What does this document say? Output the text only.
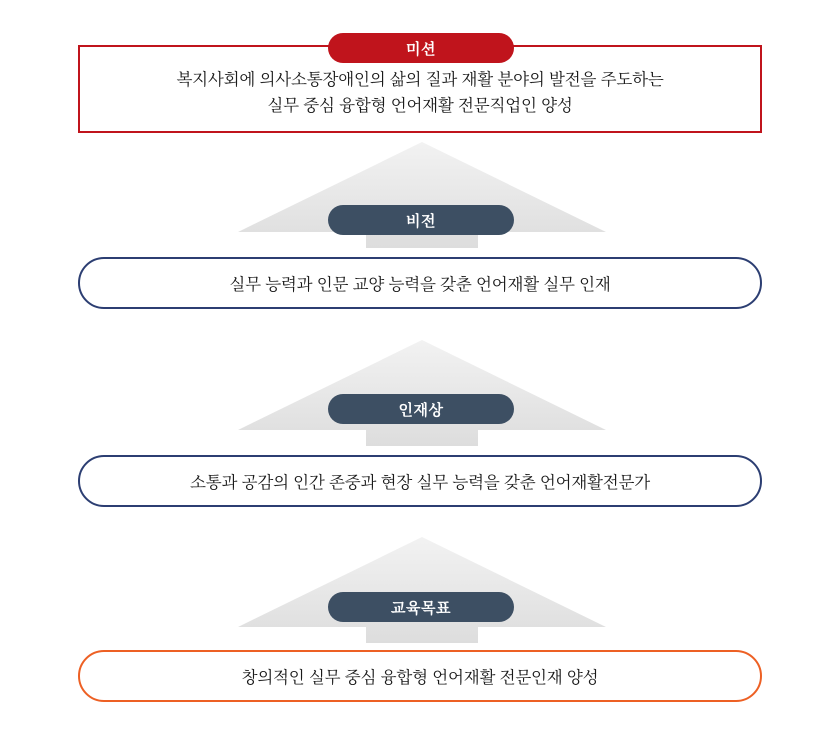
복지사회에 의사소통장애인의 삶의 질과 재활 분야의 발전을 주도하는
실무 중심 융합형 언어재활 전문직업인 양성
미션
실무 능력과 인문 교양 능력을 갖춘 언어재활 실무 인재
비전
소통과 공감의 인간 존중과 현장 실무 능력을 갖춘 언어재활전문가
인재상
창의적인 실무 중심 융합형 언어재활 전문인재 양성
교육목표
